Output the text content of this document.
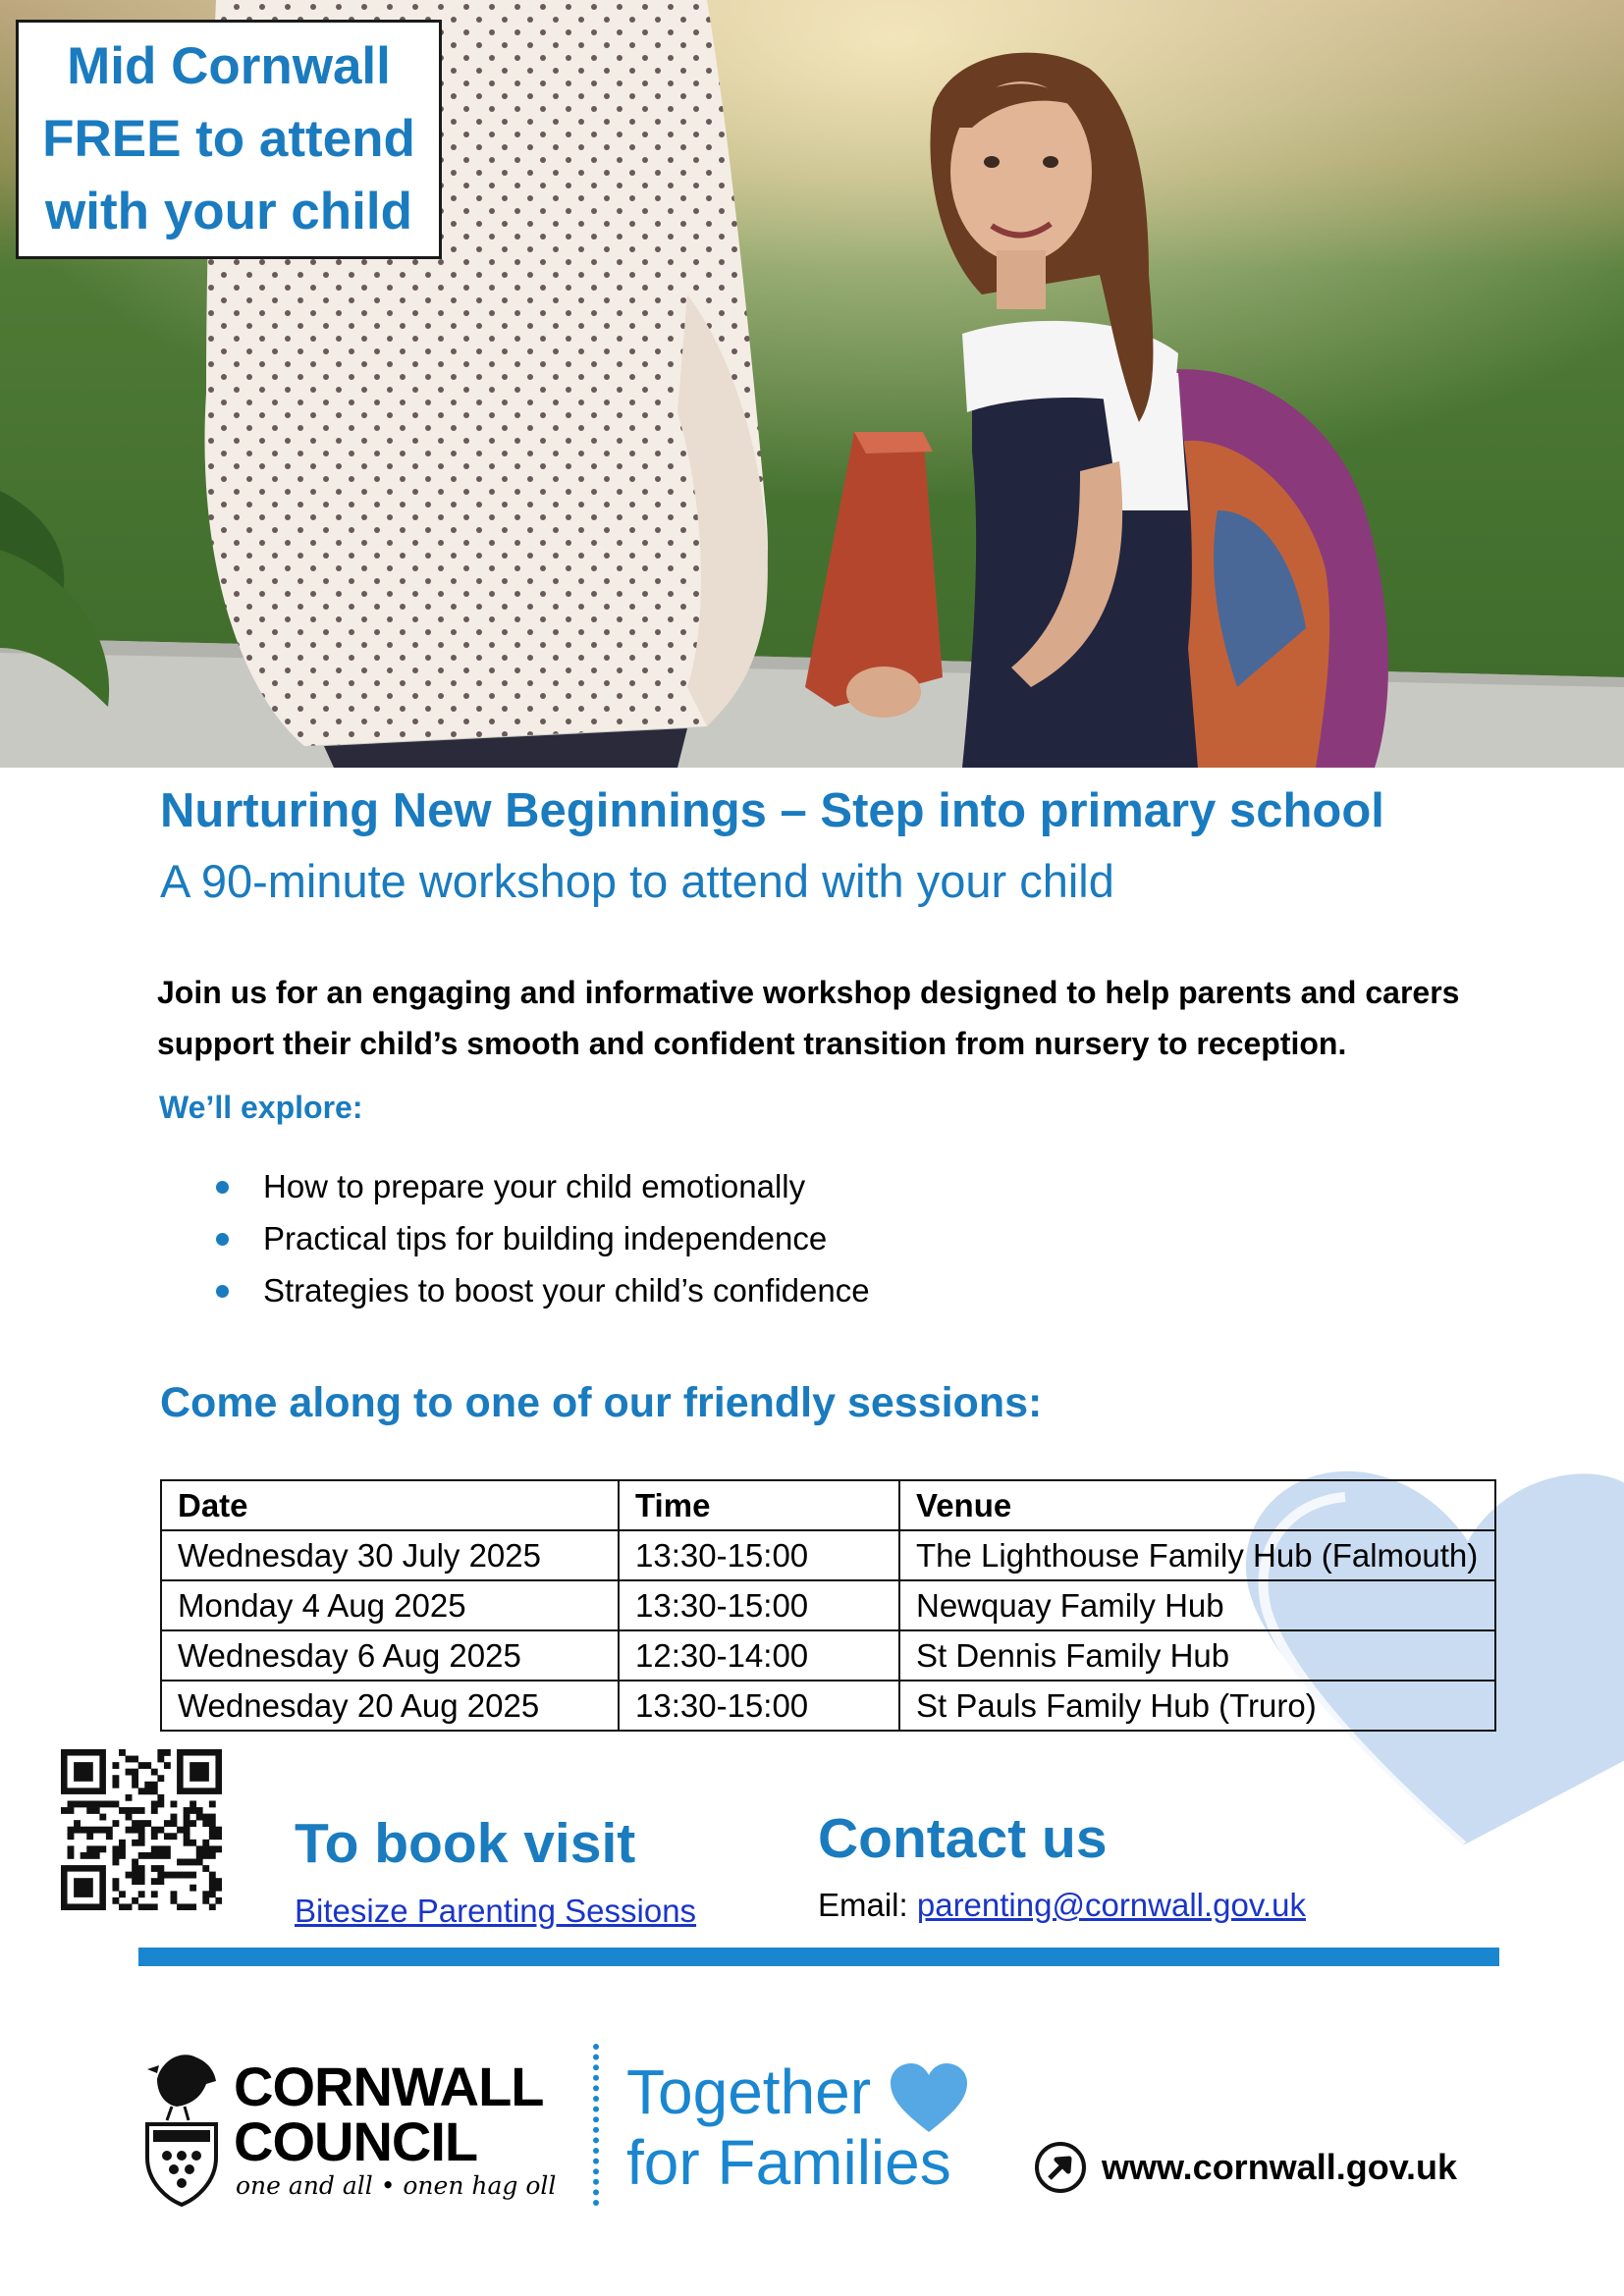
Mid Cornwall
FREE to attend
with your child
Nurturing New Beginnings – Step into primary school
A 90-minute workshop to attend with your child
Join us for an engaging and informative workshop designed to help parents and carers support their child’s smooth and confident transition from nursery to reception.
We’ll explore:
How to prepare your child emotionally
Practical tips for building independence
Strategies to boost your child’s confidence
Come along to one of our friendly sessions:
Date	Time	Venue
Wednesday 30 July 2025	13:30-15:00	The Lighthouse Family Hub (Falmouth)
Monday 4 Aug 2025	13:30-15:00	Newquay Family Hub
Wednesday 6 Aug 2025	12:30-14:00	St Dennis Family Hub
Wednesday 20 Aug 2025	13:30-15:00	St Pauls Family Hub (Truro)
To book visit
Bitesize Parenting Sessions
Contact us
Email: parenting@cornwall.gov.uk
CORNWALL
COUNCIL
one and all • onen hag oll
Together
for Families	www.cornwall.gov.uk
